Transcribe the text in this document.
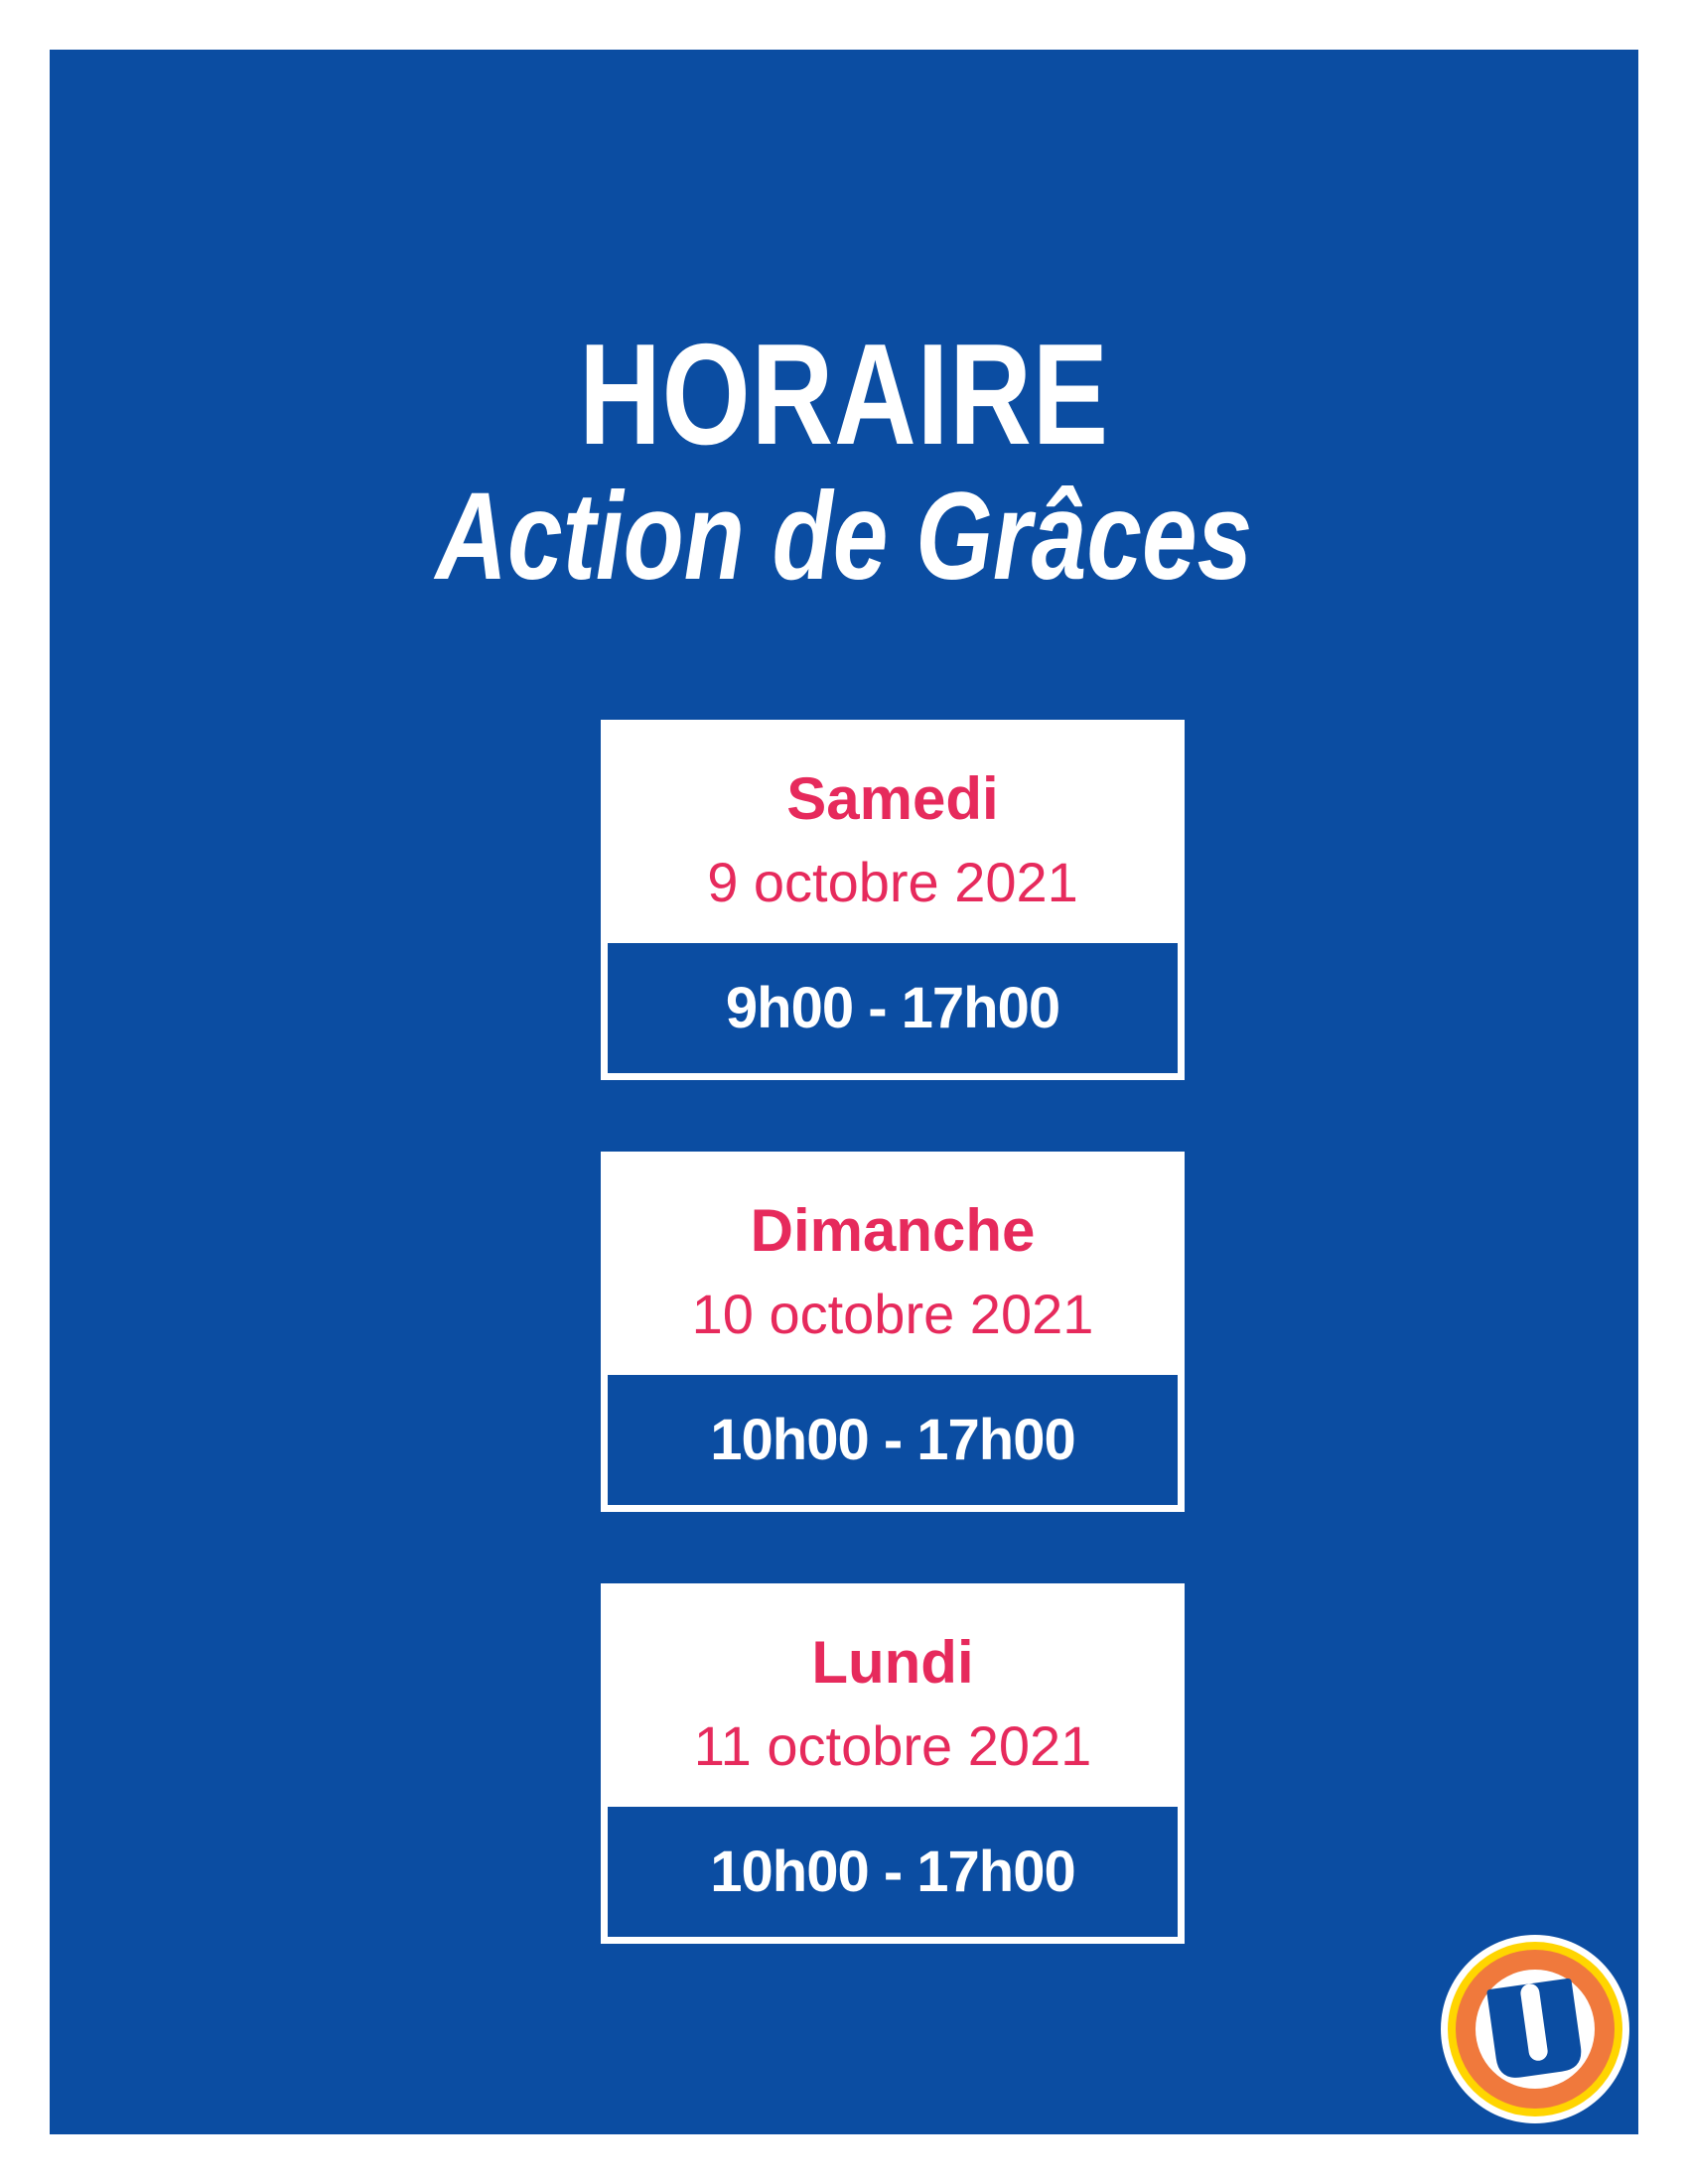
HORAIRE
Action de Grâces
Samedi
9 octobre 2021
9h00 - 17h00
Dimanche
10 octobre 2021
10h00 - 17h00
Lundi
11 octobre 2021
10h00 - 17h00
